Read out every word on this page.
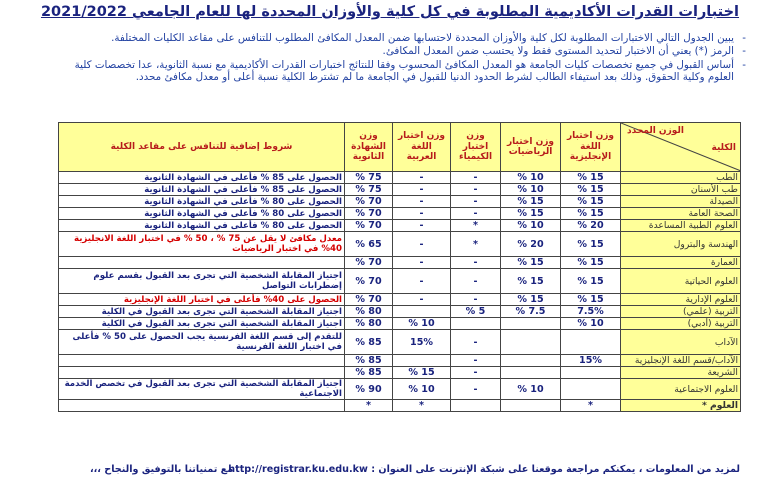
اختبارات القدرات الأكاديمية المطلوبة في كل كلية والأوزان المحددة لها للعام الجامعي 2021/2022
-
يبين الجدول التالي الاختبارات المطلوبة لكل كلية والأوزان المحددة لاحتسابها ضمن المعدل المكافئ المطلوب للتنافس على مقاعد الكليات المختلفة.
-
الرمز (*) يعني أن الاختبار لتحديد المستوى فقط ولا يحتسب ضمن المعدل المكافئ.
-
أساس القبول في جميع تخصصات كليات الجامعة هو المعدل المكافئ المحسوب وفقا للنتائج اختبارات القدرات الأكاديمية مع نسبة الثانوية، عدا تخصصات كلية العلوم وكلية الحقوق. وذلك بعد استيفاء الطالب لشرط الحدود الدنيا للقبول في الجامعة ما لم تشترط الكلية نسبة أعلى أو معدل مكافئ محدد.
الوزن المحدد
الكلية	وزن اختبار اللغة الإنجليزية	وزن اختبار الرياضيات	وزن اختبار الكيمياء	وزن اختبار اللغة العربية	وزن الشهادة الثانوية	شروط إضافية للتنافس على مقاعد الكلية
الطب	15 %	10 %	-	-	75 %	الحصول على 85 % فأعلى في الشهادة الثانوية
طب الأسنان	15 %	10 %	-	-	75 %	الحصول على 85 % فأعلى في الشهادة الثانوية
الصيدلة	15 %	15 %	-	-	70 %	الحصول على 80 % فأعلى في الشهادة الثانوية
الصحة العامة	15 %	15 %	-	-	70 %	الحصول على 80 % فأعلى في الشهادة الثانوية
العلوم الطبية المساعدة	20 %	10 %	*	-	70 %	الحصول على 80 % فأعلى في الشهادة الثانوية
الهندسة والبترول	15 %	20 %	*	-	65 %	معدل مكافئ لا يقل عن 75 % ، 50 % في اختبار اللغة الانجليزية 40% في اختبار الرياضيات
العمارة	15 %	15 %	-	-	70 %	
العلوم الحياتية	15 %	15 %	-	-	70 %	اجتياز المقابلة الشخصية التي تجرى بعد القبول بقسم علوم إضطرابات التواصل
العلوم الإدارية	15 %	15 %	-	-	70 %	الحصول على 40% فأعلى في اختبار اللغة الإنجليزية
التربية (علمي)	7.5%	7.5 %	5 %		80 %	اجتياز المقابلة الشخصية التي تجرى بعد القبول في الكلية
التربية (أدبي)	10 %			10 %	80 %	اجتياز المقابلة الشخصية التي تجرى بعد القبول في الكلية
الآداب			-	15%	85 %	للتقدم إلى قسم اللغة الفرنسية يجب الحصول على 50 % فأعلى في اختبار اللغة الفرنسية
الآداب/قسم اللغة الإنجليزية	15%		-		85 %	
الشريعة			-	15 %	85 %	
العلوم الاجتماعية		10 %	-	10 %	90 %	اجتياز المقابلة الشخصية التي تجرى بعد القبول في تخصص الخدمة الاجتماعية
العلوم *	*			*	*	
لمزيد من المعلومات ، يمكنكم مراجعة موقعنا على شبكة الإنترنت على العنوان : http://registrar.ku.edu.kw
مع تمنياتنا بالتوفيق والنجاح ،،،
